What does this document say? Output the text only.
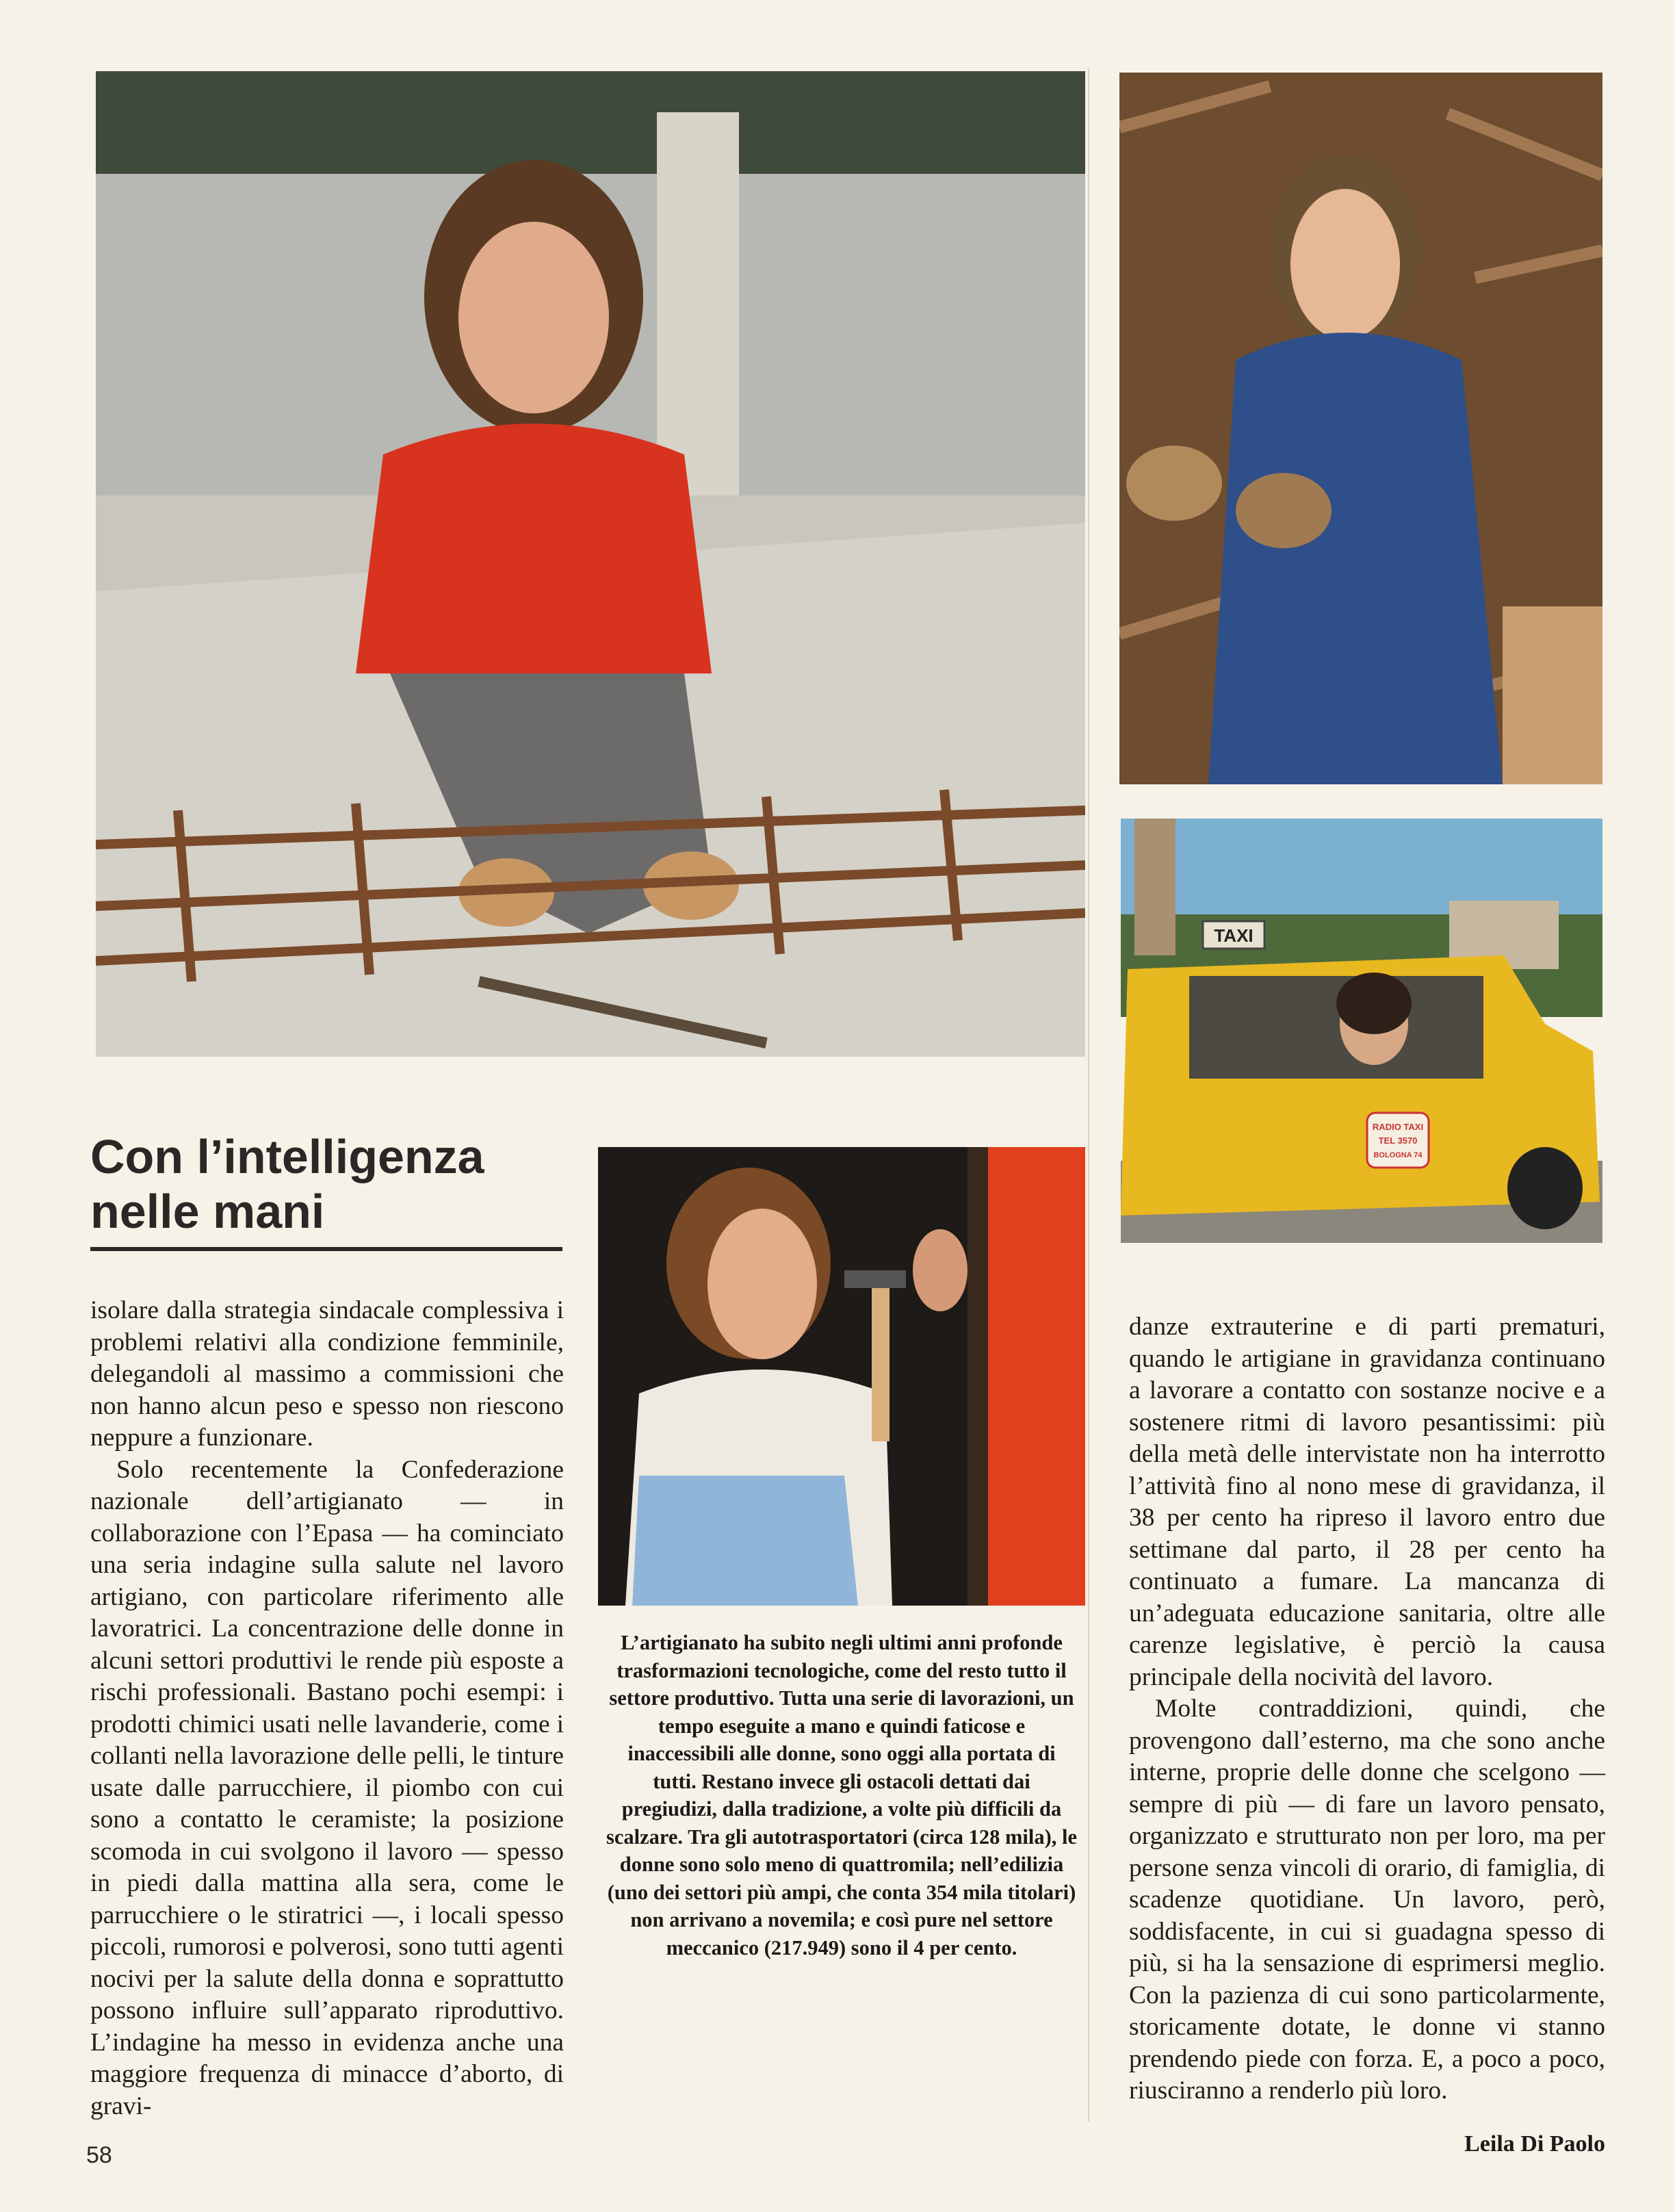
TAXI
RADIO TAXI
TEL 3570
BOLOGNA 74
Con l’intelligenza
nelle mani

isolare dalla strategia sindacale complessiva i problemi relativi alla condizione femminile, delegandoli al massimo a commissioni che non hanno alcun peso e spesso non riescono neppure a funzionare.

Solo recentemente la Confederazione nazionale dell’artigianato — in collaborazione con l’Epasa — ha cominciato una seria indagine sulla salute nel lavoro artigiano, con particolare riferimento alle lavoratrici. La concentrazione delle donne in alcuni settori produttivi le rende più esposte a rischi professionali. Bastano pochi esempi: i prodotti chimici usati nelle lavanderie, come i collanti nella lavorazione delle pelli, le tinture usate dalle parrucchiere, il piombo con cui sono a contatto le ceramiste; la posizione scomoda in cui svolgono il lavoro — spesso in piedi dalla mattina alla sera, come le parrucchiere o le stiratrici —, i locali spesso piccoli, rumorosi e polverosi, sono tutti agenti nocivi per la salute della donna e soprattutto possono influire sull’apparato riproduttivo. L’indagine ha messo in evidenza anche una maggiore frequenza di minacce d’aborto, di gravi-

L’artigianato ha subito negli ultimi anni profonde trasformazioni tecnologiche, come del resto tutto il settore produttivo. Tutta una serie di lavorazioni, un tempo eseguite a mano e quindi faticose e inaccessibili alle donne, sono oggi alla portata di tutti. Restano invece gli ostacoli dettati dai pregiudizi, dalla tradizione, a volte più difficili da scalzare. Tra gli autotrasportatori (circa 128 mila), le donne sono solo meno di quattromila; nell’edilizia (uno dei settori più ampi, che conta 354 mila titolari) non arrivano a novemila; e così pure nel settore meccanico (217.949) sono il 4 per cento.

danze extrauterine e di parti prematuri, quando le artigiane in gravidanza continuano a lavorare a contatto con sostanze nocive e a sostenere ritmi di lavoro pesantissimi: più della metà delle intervistate non ha interrotto l’attività fino al nono mese di gravidanza, il 38 per cento ha ripreso il lavoro entro due settimane dal parto, il 28 per cento ha continuato a fumare. La mancanza di un’adeguata educazione sanitaria, oltre alle carenze legislative, è perciò la causa principale della nocività del lavoro.

Molte contraddizioni, quindi, che provengono dall’esterno, ma che sono anche interne, proprie delle donne che scelgono — sempre di più — di fare un lavoro pensato, organizzato e strutturato non per loro, ma per persone senza vincoli di orario, di famiglia, di scadenze quotidiane. Un lavoro, però, soddisfacente, in cui si guadagna spesso di più, si ha la sensazione di esprimersi meglio. Con la pazienza di cui sono particolarmente, storicamente dotate, le donne vi stanno prendendo piede con forza. E, a poco a poco, riusciranno a renderlo più loro.

Leila Di Paolo
58
